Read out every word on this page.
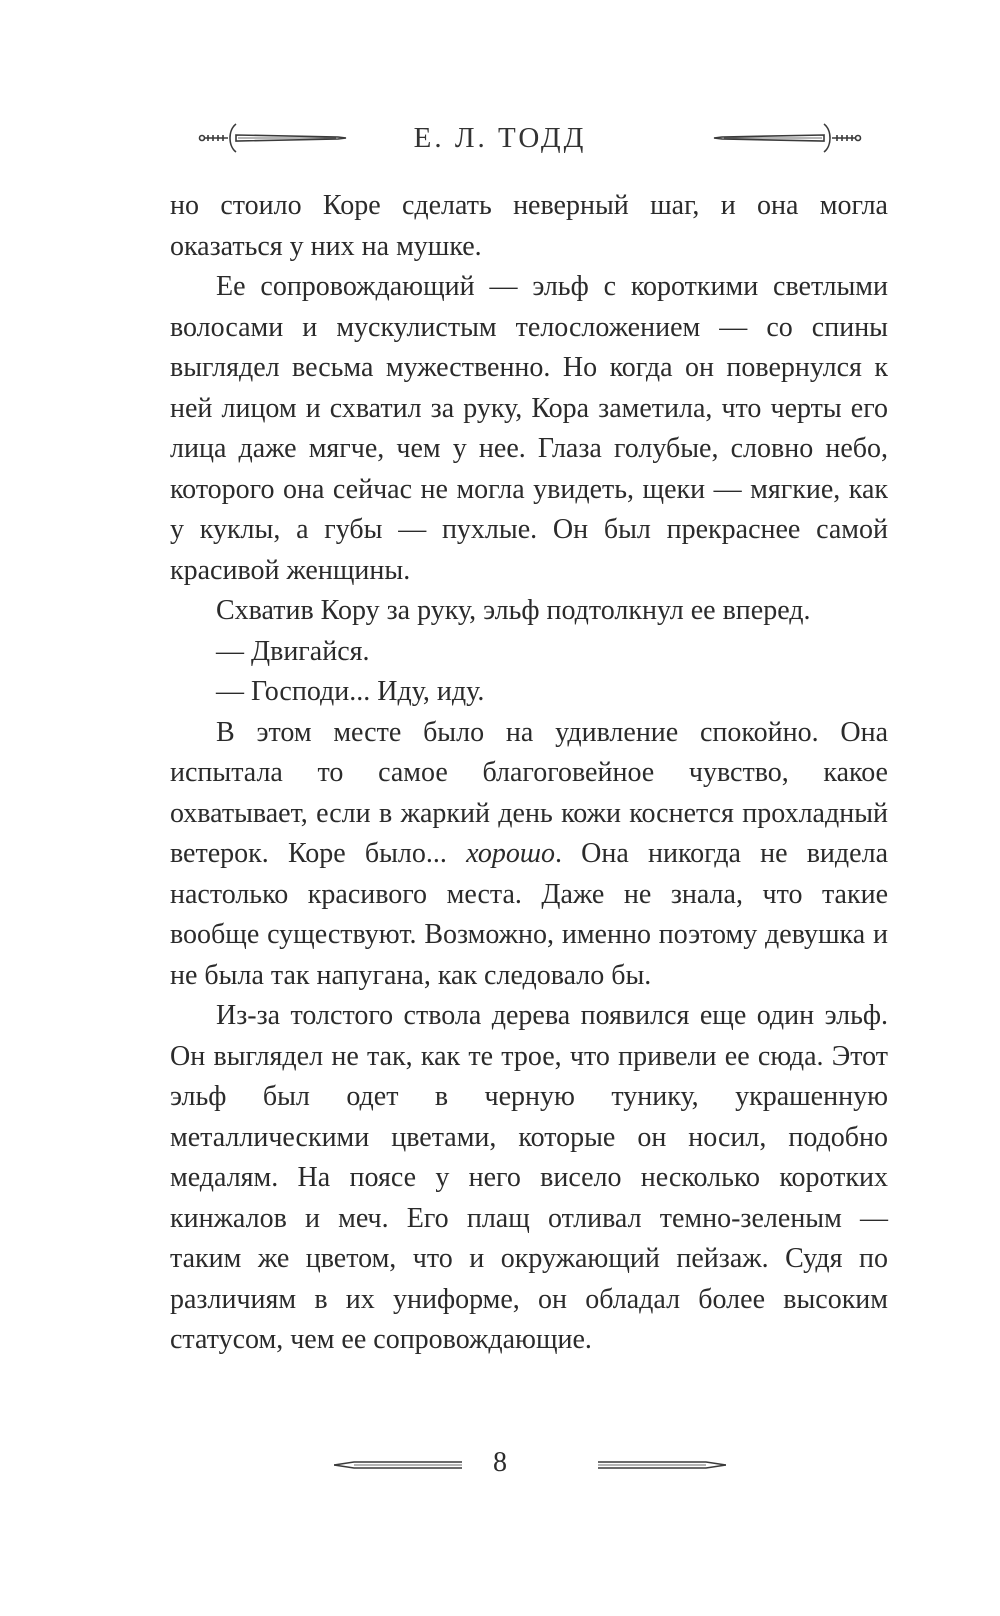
Е. Л. ТОДД

но стоило Коре сделать неверный шаг, и она могла оказаться у них на мушке.

Ее сопровождающий — эльф с короткими светлыми волосами и мускулистым телосложением — со спины выглядел весьма мужественно. Но когда он повернулся к ней лицом и схватил за руку, Кора заметила, что черты его лица даже мягче, чем у нее. Глаза голубые, словно небо, которого она сейчас не могла увидеть, щеки — мягкие, как у куклы, а губы — пухлые. Он был прекраснее самой красивой женщины.

Схватив Кору за руку, эльф подтолкнул ее вперед.

— Двигайся.

— Господи... Иду, иду.

В этом месте было на удивление спокойно. Она испытала то самое благоговейное чувство, какое охватывает, если в жаркий день кожи коснется прохладный ветерок. Коре было... хорошо. Она никогда не видела настолько красивого места. Даже не знала, что такие вообще существуют. Возможно, именно поэтому девушка и не была так напугана, как следовало бы.

Из-за толстого ствола дерева появился еще один эльф. Он выглядел не так, как те трое, что привели ее сюда. Этот эльф был одет в черную тунику, украшенную металлическими цветами, которые он носил, подобно медалям. На поясе у него висело несколько коротких кинжалов и меч. Его плащ отливал темно-зеленым — таким же цветом, что и окружающий пейзаж. Судя по различиям в их униформе, он обладал более высоким статусом, чем ее сопровождающие.

8
